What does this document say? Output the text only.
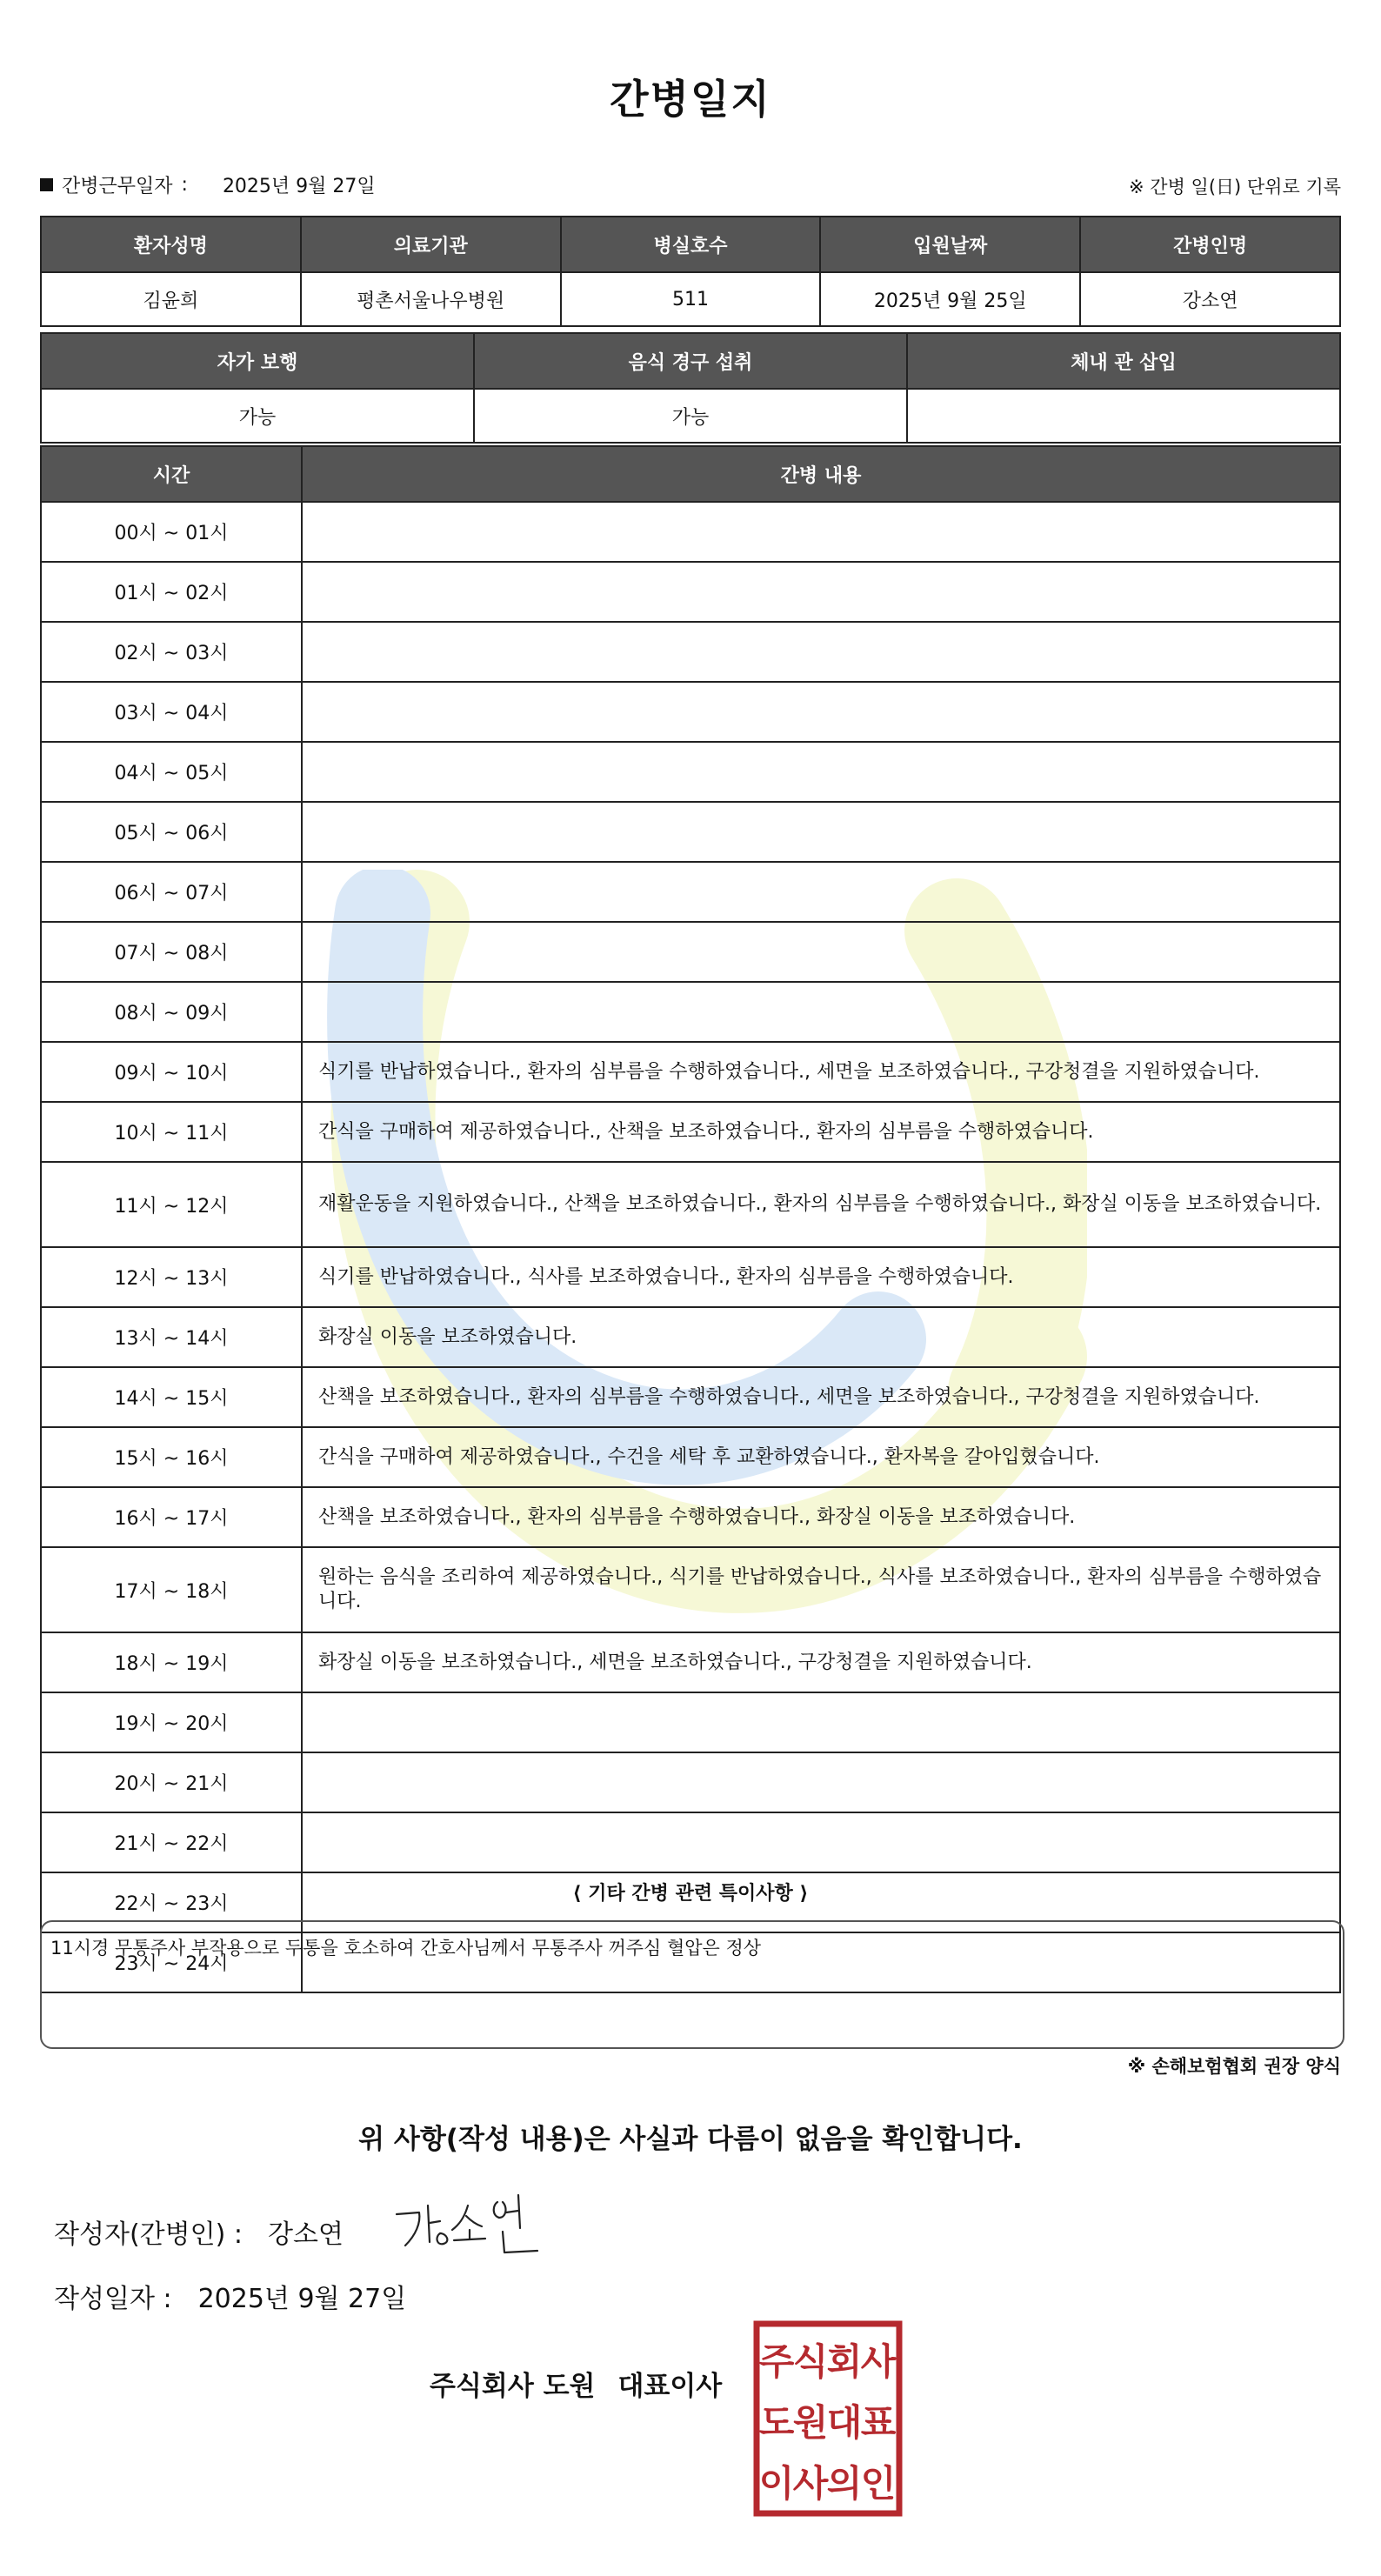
간병일지
간병근무일자 : 2025년 9월 27일	※ 간병 일(日) 단위로 기록
환자성명	의료기관	병실호수	입원날짜	간병인명
김윤희	평촌서울나우병원	511	2025년 9월 25일	강소연
자가 보행	음식 경구 섭취	체내 관 삽입
가능	가능	
시간	간병 내용
00시 ~ 01시	
01시 ~ 02시	
02시 ~ 03시	
03시 ~ 04시	
04시 ~ 05시	
05시 ~ 06시	
06시 ~ 07시	
07시 ~ 08시	
08시 ~ 09시	
09시 ~ 10시	식기를 반납하였습니다., 환자의 심부름을 수행하였습니다., 세면을 보조하였습니다., 구강청결을 지원하였습니다.
10시 ~ 11시	간식을 구매하여 제공하였습니다., 산책을 보조하였습니다., 환자의 심부름을 수행하였습니다.
11시 ~ 12시	재활운동을 지원하였습니다., 산책을 보조하였습니다., 환자의 심부름을 수행하였습니다., 화장실 이동을 보조하였습니다.
12시 ~ 13시	식기를 반납하였습니다., 식사를 보조하였습니다., 환자의 심부름을 수행하였습니다.
13시 ~ 14시	화장실 이동을 보조하였습니다.
14시 ~ 15시	산책을 보조하였습니다., 환자의 심부름을 수행하였습니다., 세면을 보조하였습니다., 구강청결을 지원하였습니다.
15시 ~ 16시	간식을 구매하여 제공하였습니다., 수건을 세탁 후 교환하였습니다., 환자복을 갈아입혔습니다.
16시 ~ 17시	산책을 보조하였습니다., 환자의 심부름을 수행하였습니다., 화장실 이동을 보조하였습니다.
17시 ~ 18시	원하는 음식을 조리하여 제공하였습니다., 식기를 반납하였습니다., 식사를 보조하였습니다., 환자의 심부름을 수행하였습니다.
18시 ~ 19시	화장실 이동을 보조하였습니다., 세면을 보조하였습니다., 구강청결을 지원하였습니다.
19시 ~ 20시	
20시 ~ 21시	
21시 ~ 22시	
22시 ~ 23시	
23시 ~ 24시	
⟨ 기타 간병 관련 특이사항 ⟩
11시경 무통주사 부작용으로 두통을 호소하여 간호사님께서 무통주사 꺼주심 혈압은 정상
※ 손해보험협회 권장 양식
위 사항(작성 내용)은 사실과 다름이 없음을 확인합니다.
작성자(간병인) : 강소연
작성일자 : 2025년 9월 27일
주식회사 도원 대표이사
주
식
회
사
도
원
대
표
이
사
의
인
